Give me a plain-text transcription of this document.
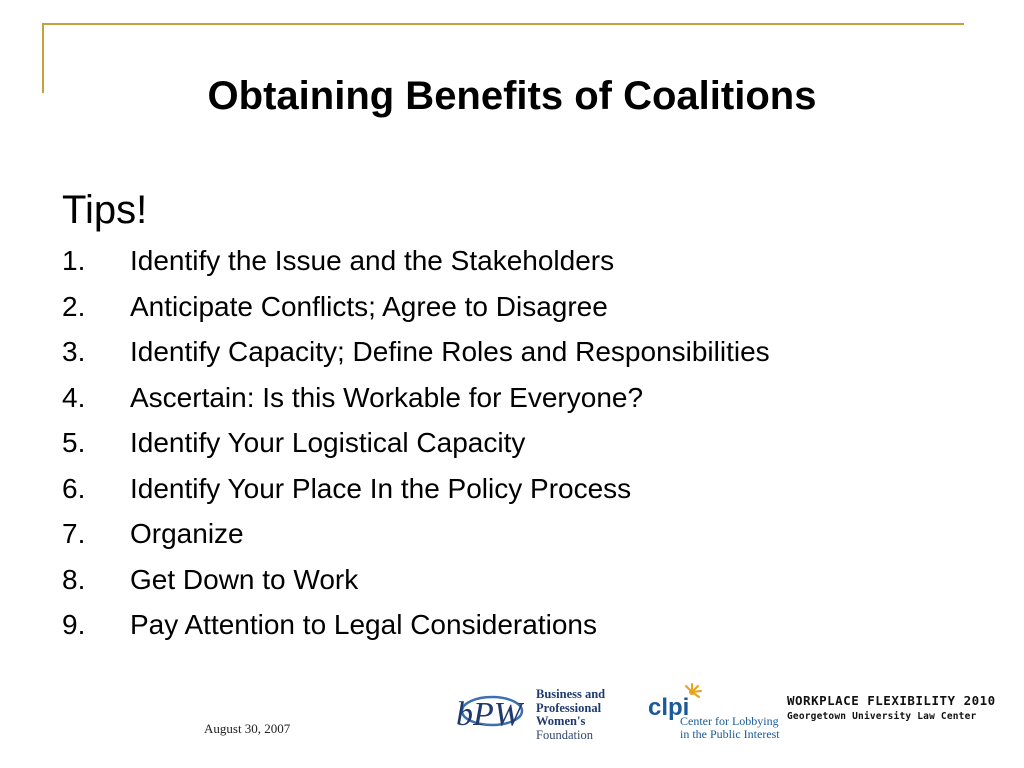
Obtaining Benefits of Coalitions
Tips!
1. Identify the Issue and the Stakeholders
2. Anticipate Conflicts; Agree to Disagree
3. Identify Capacity; Define Roles and Responsibilities
4. Ascertain: Is this Workable for Everyone?
5. Identify Your Logistical Capacity
6. Identify Your Place In the Policy Process
7. Organize
8. Get Down to Work
9. Pay Attention to Legal Considerations
August 30, 2007	bPW
Business and
Professional
Women's
Foundation
clpi
Center for Lobbying
in the Public Interest
WORKPLACE FLEXIBILITY 2010
Georgetown University Law Center
